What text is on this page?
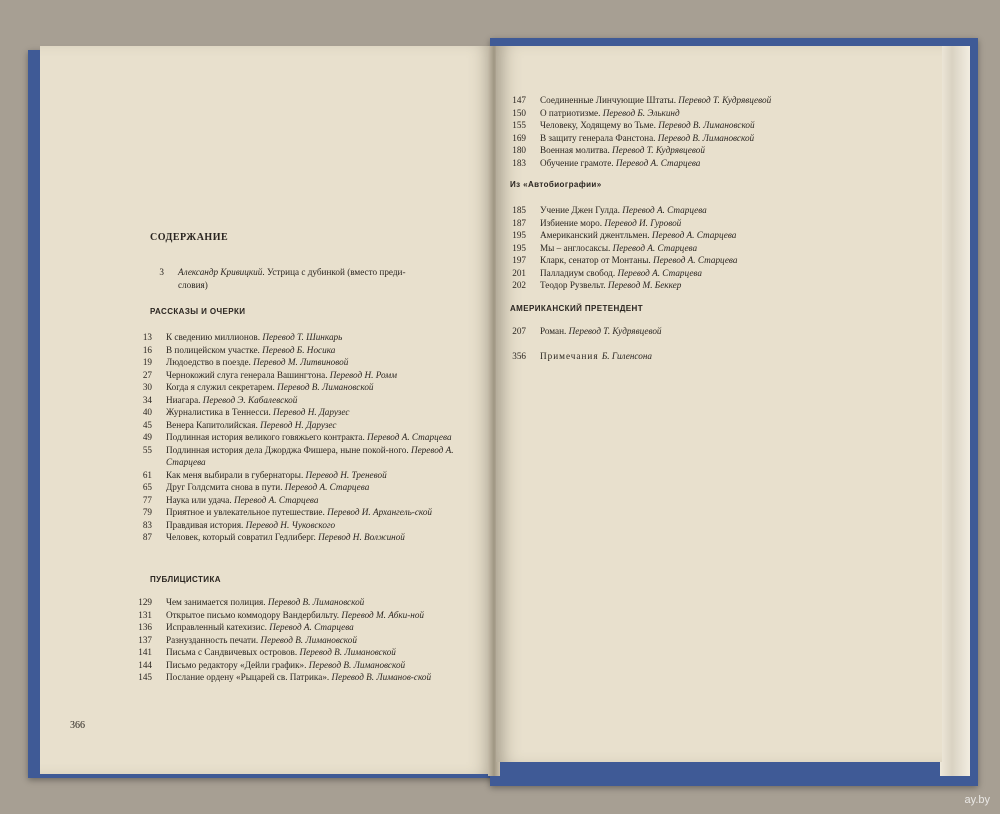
СОДЕРЖАНИЕ
3 Александр Кривицкий. Устрица с дубинкой (вместо преди-
словия)
РАССКАЗЫ И ОЧЕРКИ
13 К сведению миллионов. Перевод Т. Шинкарь
16 В полицейском участке. Перевод Б. Носика
19 Людоедство в поезде. Перевод М. Литвиновой
27 Чернокожий слуга генерала Вашингтона. Перевод Н. Ромм
30 Когда я служил секретарем. Перевод В. Лимановской
34 Ниагара. Перевод Э. Кабалевской
40 Журналистика в Теннесси. Перевод Н. Дарузес
45 Венера Капитолийская. Перевод Н. Дарузес
49 Подлинная история великого говяжьего контракта. Перевод А. Старцева
55 Подлинная история дела Джорджа Фишера, ныне покой-ного. Перевод А. Старцева
61 Как меня выбирали в губернаторы. Перевод Н. Треневой
65 Друг Голдсмита снова в пути. Перевод А. Старцева
77 Наука или удача. Перевод А. Старцева
79 Приятное и увлекательное путешествие. Перевод И. Архангель-ской
83 Правдивая история. Перевод Н. Чуковского
87 Человек, который совратил Гедлиберг. Перевод Н. Волжиной
ПУБЛИЦИСТИКА
129 Чем занимается полиция. Перевод В. Лимановской
131 Открытое письмо коммодору Вандербильту. Перевод М. Абки-ной
136 Исправленный катехизис. Перевод А. Старцева
137 Разнузданность печати. Перевод В. Лимановской
141 Письма с Сандвичевых островов. Перевод В. Лимановской
144 Письмо редактору «Дейли график». Перевод В. Лимановской
145 Послание ордену «Рыцарей св. Патрика». Перевод В. Лиманов-ской
366
147 Соединенные Линчующие Штаты. Перевод Т. Кудрявцевой
150 О патриотизме. Перевод Б. Элькинд
155 Человеку, Ходящему во Тьме. Перевод В. Лимановской
169 В защиту генерала Фанстона. Перевод В. Лимановской
180 Военная молитва. Перевод Т. Кудрявцевой
183 Обучение грамоте. Перевод А. Старцева
Из «Автобиографии»
185 Учение Джен Гулда. Перевод А. Старцева
187 Избиение моро. Перевод И. Гуровой
195 Американский джентльмен. Перевод А. Старцева
195 Мы – англосаксы. Перевод А. Старцева
197 Кларк, сенатор от Монтаны. Перевод А. Старцева
201 Палладиум свобод. Перевод А. Старцева
202 Теодор Рузвельт. Перевод М. Беккер
АМЕРИКАНСКИЙ ПРЕТЕНДЕНТ
207 Роман. Перевод Т. Кудрявцевой
356 Примечания Б. Гиленсона
ay.by
